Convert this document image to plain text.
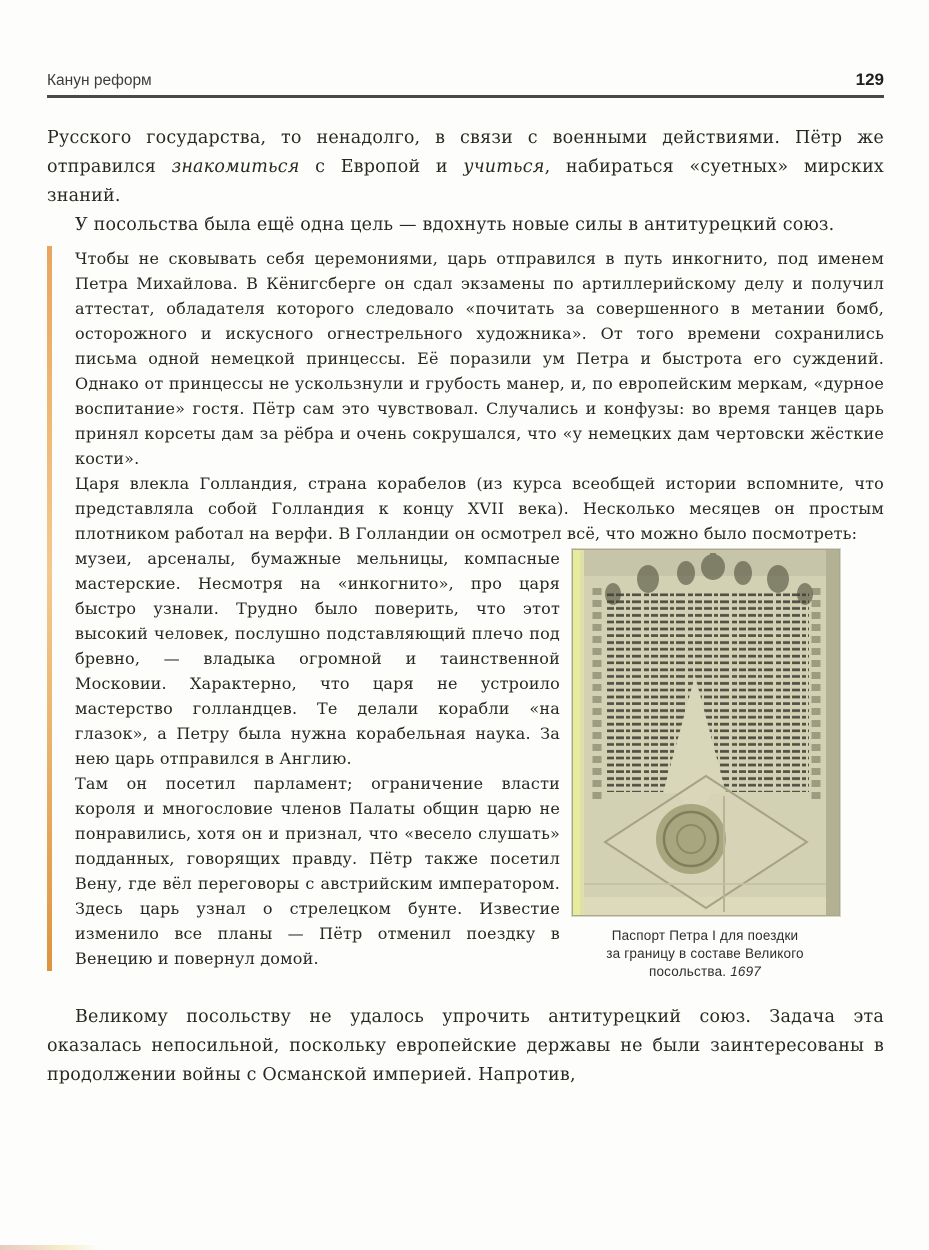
Канун реформ	129
Русского государства, то ненадолго, в связи с военными действиями. Пётр же отправился знакомиться с Европой и учиться, набираться «суетных» мирских знаний.
У посольства была ещё одна цель — вдохнуть новые силы в антитурецкий союз.
Чтобы не сковывать себя церемониями, царь отправился в путь инкогнито, под именем Петра Михайлова. В Кёнигсберге он сдал экзамены по артиллерийскому делу и получил аттестат, обладателя которого следовало «почитать за совершенного в метании бомб, осторожного и искусного огнестрельного художника». От того времени сохранились письма одной немецкой принцессы. Её поразили ум Петра и быстрота его суждений. Однако от принцессы не ускользнули и грубость манер, и, по европейским меркам, «дурное воспитание» гостя. Пётр сам это чувствовал. Случались и конфузы: во время танцев царь принял корсеты дам за рёбра и очень сокрушался, что «у немецких дам чертовски жёсткие кости».
Царя влекла Голландия, страна корабелов (из курса всеобщей истории вспомните, что представляла собой Голландия к концу XVII века). Несколько месяцев он простым плотником работал на верфи. В Голландии он осмотрел всё, что можно было посмотреть:
Паспорт Петра I для поездки
за границу в составе Великого
посольства. 1697
музеи, арсеналы, бумажные мельницы, компасные мастерские. Несмотря на «инкогнито», про царя быстро узнали. Трудно было поверить, что этот высокий человек, послушно подставляющий плечо под бревно, — владыка огромной и таинственной Московии. Характерно, что царя не устроило мастерство голландцев. Те делали корабли «на глазок», а Петру была нужна корабельная наука. За нею царь отправился в Англию.
Там он посетил парламент; ограничение власти короля и многословие членов Палаты общин царю не понравились, хотя он и признал, что «весело слушать» подданных, говорящих правду. Пётр также посетил Вену, где вёл переговоры с австрийским императором. Здесь царь узнал о стрелецком бунте. Известие изменило все планы — Пётр отменил поездку в Венецию и повернул домой.
Великому посольству не удалось упрочить антитурецкий союз. Задача эта оказалась непосильной, поскольку европейские державы не были заинтересованы в продолжении войны с Османской империей. Напротив,
